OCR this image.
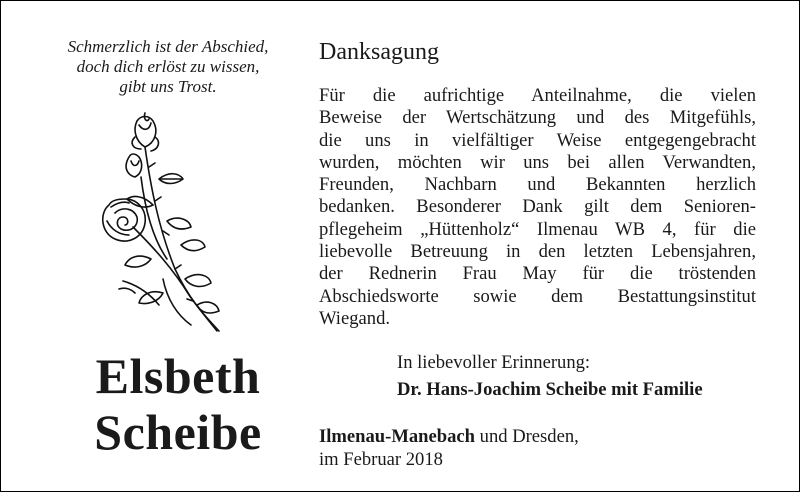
Schmerzlich ist der Abschied,
doch dich erlöst zu wissen,
gibt uns Trost.
Elsbeth
Scheibe
Danksagung
Für die aufrichtige Anteilnahme, die vielen
Beweise der Wertschätzung und des Mitgefühls,
die uns in vielfältiger Weise entgegengebracht
wurden, möchten wir uns bei allen Verwandten,
Freunden, Nachbarn und Bekannten herzlich
bedanken. Besonderer Dank gilt dem Senioren-
pflegeheim „Hüttenholz“ Ilmenau WB 4, für die
liebevolle Betreuung in den letzten Lebensjahren,
der Rednerin Frau May für die tröstenden
Abschiedsworte sowie dem Bestattungsinstitut
Wiegand.
In liebevoller Erinnerung:
Dr. Hans-Joachim Scheibe mit Familie
Ilmenau-Manebach und Dresden,
im Februar 2018
